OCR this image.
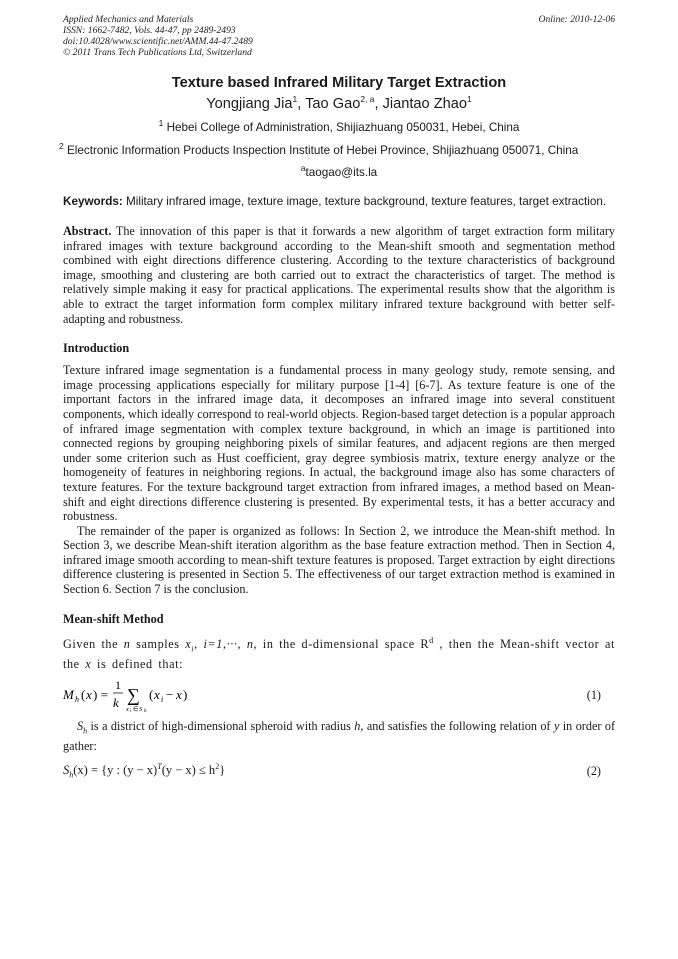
Applied Mechanics and Materials
ISSN: 1662-7482, Vols. 44-47, pp 2489-2493
doi:10.4028/www.scientific.net/AMM.44-47.2489
© 2011 Trans Tech Publications Ltd, Switzerland
Online: 2010-12-06
Texture based Infrared Military Target Extraction
Yongjiang Jia$^1$, Tao Gao$^{2, a}$, Jiantao Zhao$^1$
$^1$ Hebei College of Administration, Shijiazhuang 050031, Hebei, China
$^2$ Electronic Information Products Inspection Institute of Hebei Province, Shijiazhuang 050071, China
$^a$taogao@its.la
Keywords: Military infrared image, texture image, texture background, texture features, target extraction.

Abstract. The innovation of this paper is that it forwards a new algorithm of target extraction form military infrared images with texture background according to the Mean-shift smooth and segmentation method combined with eight directions difference clustering. According to the texture characteristics of background image, smoothing and clustering are both carried out to extract the characteristics of target. The method is relatively simple making it easy for practical applications. The experimental results show that the algorithm is able to extract the target information form complex military infrared texture background with better self-adapting and robustness.

Introduction

Texture infrared image segmentation is a fundamental process in many geology study, remote sensing, and image processing applications especially for military purpose [1-4] [6-7]. As texture feature is one of the important factors in the infrared image data, it decomposes an infrared image into several constituent components, which ideally correspond to real-world objects. Region-based target detection is a popular approach of infrared image segmentation with complex texture background, in which an image is partitioned into connected regions by grouping neighboring pixels of similar features, and adjacent regions are then merged under some criterion such as Hust coefficient, gray degree symbiosis matrix, texture energy analyze or the homogeneity of features in neighboring regions. In actual, the background image also has some characters of texture features. For the texture background target extraction from infrared images, a method based on Mean-shift and eight directions difference clustering is presented. By experimental tests, it has a better accuracy and robustness.

The remainder of the paper is organized as follows: In Section 2, we introduce the Mean-shift method. In Section 3, we describe Mean-shift iteration algorithm as the base feature extraction method. Then in Section 4, infrared image smooth according to mean-shift texture features is proposed. Target extraction by eight directions difference clustering is presented in Section 5. The effectiveness of our target extraction method is examined in Section 6. Section 7 is the conclusion.

Mean-shift Method

Given the n samples $x_i$, i=1,···, n, in the d-dimensional space $R^d$ , then the Mean-shift vector at the x is defined that:

M h ( x ) =
1
k ∑
x i ∈ S h
( x i − x )	(1)

$S_h$ is a district of high-dimensional spheroid with radius h, and satisfies the following relation of y in order of gather:

$S_h(x) = \{y$ : $(y - x)^T(y - x) \le h^2$}	(2)
